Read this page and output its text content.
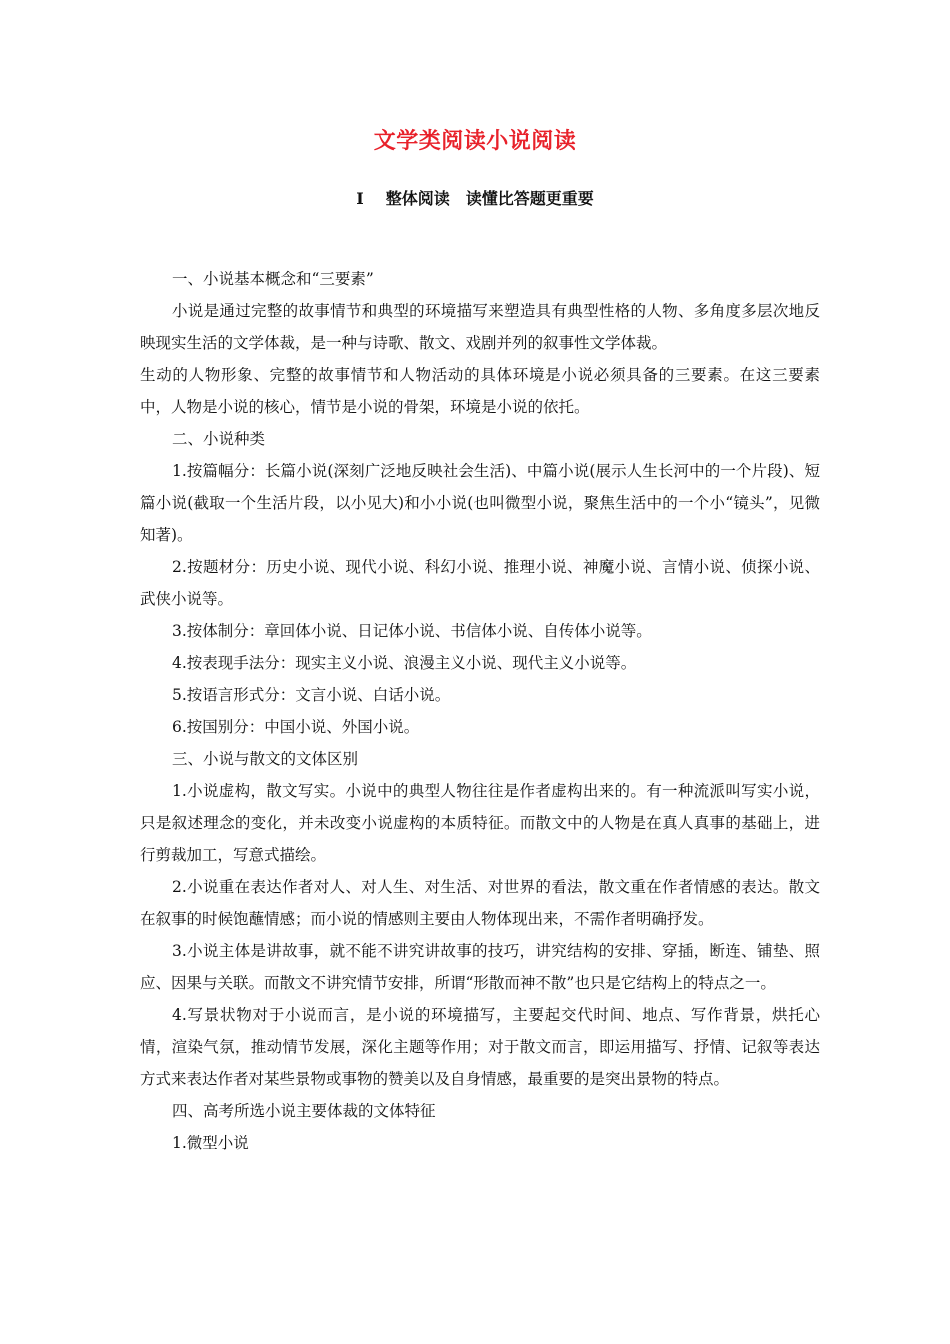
文学类阅读小说阅读
Ⅰ 整体阅读　读懂比答题更重要

一、小说基本概念和“三要素”

小说是通过完整的故事情节和典型的环境描写来塑造具有典型性格的人物、多角度多层次地反映现实生活的文学体裁，是一种与诗歌、散文、戏剧并列的叙事性文学体裁。

生动的人物形象、完整的故事情节和人物活动的具体环境是小说必须具备的三要素。在这三要素中，人物是小说的核心，情节是小说的骨架，环境是小说的依托。

二、小说种类

1.按篇幅分：长篇小说(深刻广泛地反映社会生活)、中篇小说(展示人生长河中的一个片段)、短篇小说(截取一个生活片段，以小见大)和小小说(也叫微型小说，聚焦生活中的一个小“镜头”，见微知著)。

2.按题材分：历史小说、现代小说、科幻小说、推理小说、神魔小说、言情小说、侦探小说、武侠小说等。

3.按体制分：章回体小说、日记体小说、书信体小说、自传体小说等。

4.按表现手法分：现实主义小说、浪漫主义小说、现代主义小说等。

5.按语言形式分：文言小说、白话小说。

6.按国别分：中国小说、外国小说。

三、小说与散文的文体区别

1.小说虚构，散文写实。小说中的典型人物往往是作者虚构出来的。有一种流派叫写实小说，只是叙述理念的变化，并未改变小说虚构的本质特征。而散文中的人物是在真人真事的基础上，进行剪裁加工，写意式描绘。

2.小说重在表达作者对人、对人生、对生活、对世界的看法，散文重在作者情感的表达。散文在叙事的时候饱蘸情感；而小说的情感则主要由人物体现出来，不需作者明确抒发。

3.小说主体是讲故事，就不能不讲究讲故事的技巧，讲究结构的安排、穿插，断连、铺垫、照应、因果与关联。而散文不讲究情节安排，所谓“形散而神不散”也只是它结构上的特点之一。

4.写景状物对于小说而言，是小说的环境描写，主要起交代时间、地点、写作背景，烘托心情，渲染气氛，推动情节发展，深化主题等作用；对于散文而言，即运用描写、抒情、记叙等表达方式来表达作者对某些景物或事物的赞美以及自身情感，最重要的是突出景物的特点。

四、高考所选小说主要体裁的文体特征

1.微型小说
